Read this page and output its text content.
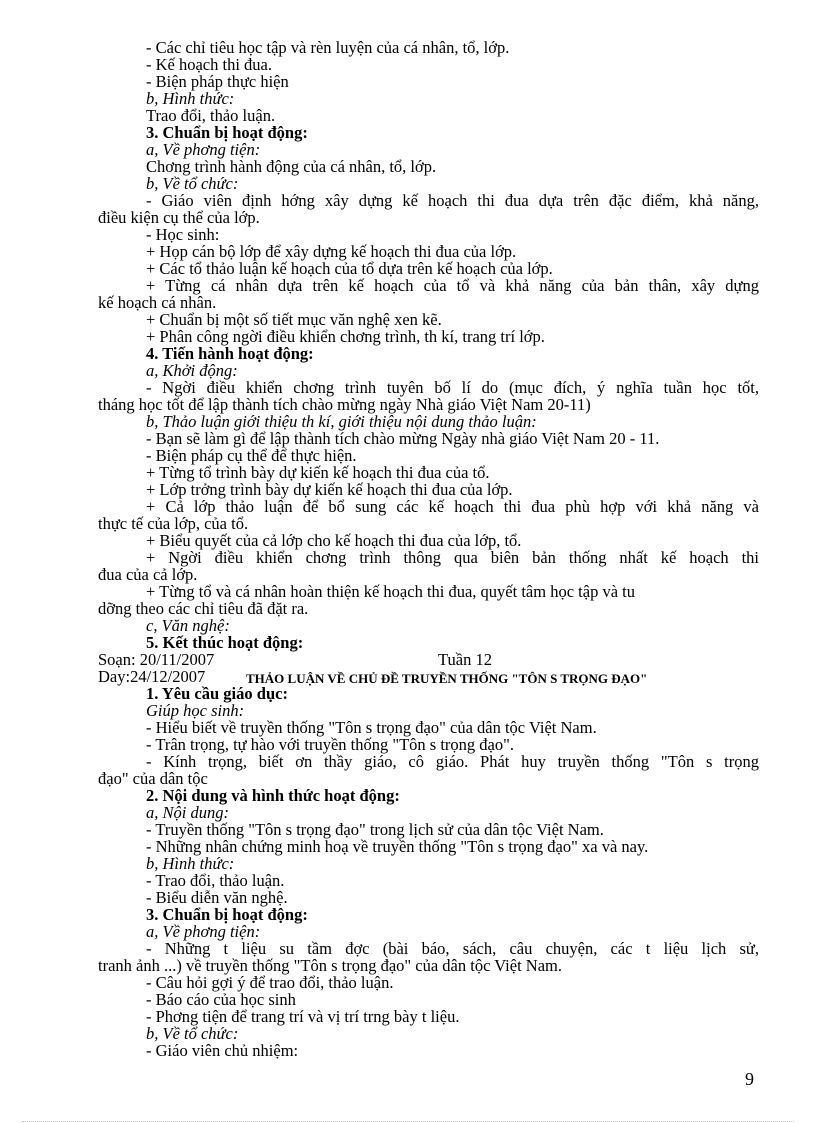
- Các chỉ tiêu học tập và rèn luyện của cá nhân, tổ, lớp.
- Kế hoạch thi đua.
- Biện pháp thực hiện
b, Hình thức:
Trao đổi, thảo luận.
3. Chuẩn bị hoạt động:
a, Về phơng tiện:
Chơng trình hành động của cá nhân, tổ, lớp.
b, Về tổ chức:
- Giáo viên định hớng xây dựng kế hoạch thi đua dựa trên đặc điểm, khả năng,
điều kiện cụ thể của lớp.
- Học sinh:
+ Họp cán bộ lớp để xây dựng kế hoạch thi đua của lớp.
+ Các tổ thảo luận kế hoạch của tổ dựa trên kế hoạch của lớp.
+ Từng cá nhân dựa trên kế hoạch của tổ và khả năng của bản thân, xây dựng
kế hoạch cá nhân.
+ Chuẩn bị một số tiết mục văn nghệ xen kẽ.
+ Phân công ngời điều khiển chơng trình, th kí, trang trí lớp.
4. Tiến hành hoạt động:
a, Khởi động:
- Ngời điều khiển chơng trình tuyên bố lí do (mục đích, ý nghĩa tuần học tốt,
tháng học tốt để lập thành tích chào mừng ngày Nhà giáo Việt Nam 20-11)
b, Thảo luận giới thiệu th kí, giới thiệu nội dung thảo luận:
- Bạn sẽ làm gì để lập thành tích chào mừng Ngày nhà giáo Việt Nam 20 - 11.
- Biện pháp cụ thể để thực hiện.
+ Từng tổ trình bày dự kiến kế hoạch thi đua của tổ.
+ Lớp trởng trình bày dự kiến kế hoạch thi đua của lớp.
+ Cả lớp thảo luận để bổ sung các kế hoạch thi đua phù hợp với khả năng và
thực tế của lớp, của tổ.
+ Biểu quyết của cả lớp cho kế hoạch thi đua của lớp, tổ.
+ Ngời điều khiển chơng trình thông qua biên bản thống nhất kế hoạch thi
đua của cả lớp.
+ Từng tổ và cá nhân hoàn thiện kế hoạch thi đua, quyết tâm học tập và tu
dỡng theo các chỉ tiêu đã đặt ra.
c, Văn nghệ:
5. Kết thúc hoạt động:
Soạn: 20/11/2007	Tuần 12
Day:24/12/2007	THẢO LUẬN VỀ CHỦ ĐỀ TRUYỀN THỐNG "TÔN S TRỌNG ĐẠO"
1. Yêu cầu giáo dục:
Giúp học sinh:
- Hiểu biết về truyền thống "Tôn s trọng đạo" của dân tộc Việt Nam.
- Trân trọng, tự hào với truyền thống "Tôn s trọng đạo".
- Kính trọng, biết ơn thầy giáo, cô giáo. Phát huy truyền thống "Tôn s trọng
đạo" của dân tộc
2. Nội dung và hình thức hoạt động:
a, Nội dung:
- Truyền thống "Tôn s trọng đạo" trong lịch sử của dân tộc Việt Nam.
- Những nhân chứng minh hoạ về truyền thống "Tôn s trọng đạo" xa và nay.
b, Hình thức:
- Trao đổi, thảo luận.
- Biểu diễn văn nghệ.
3. Chuẩn bị hoạt động:
a, Về phơng tiện:
- Những t liệu su tầm đợc (bài báo, sách, câu chuyện, các t liệu lịch sử,
tranh ảnh ...) về truyền thống "Tôn s trọng đạo" của dân tộc Việt Nam.
- Câu hỏi gợi ý để trao đổi, thảo luận.
- Báo cáo của học sinh
- Phơng tiện để trang trí và vị trí trng bày t liệu.
b, Về tổ chức:
- Giáo viên chủ nhiệm:
9
